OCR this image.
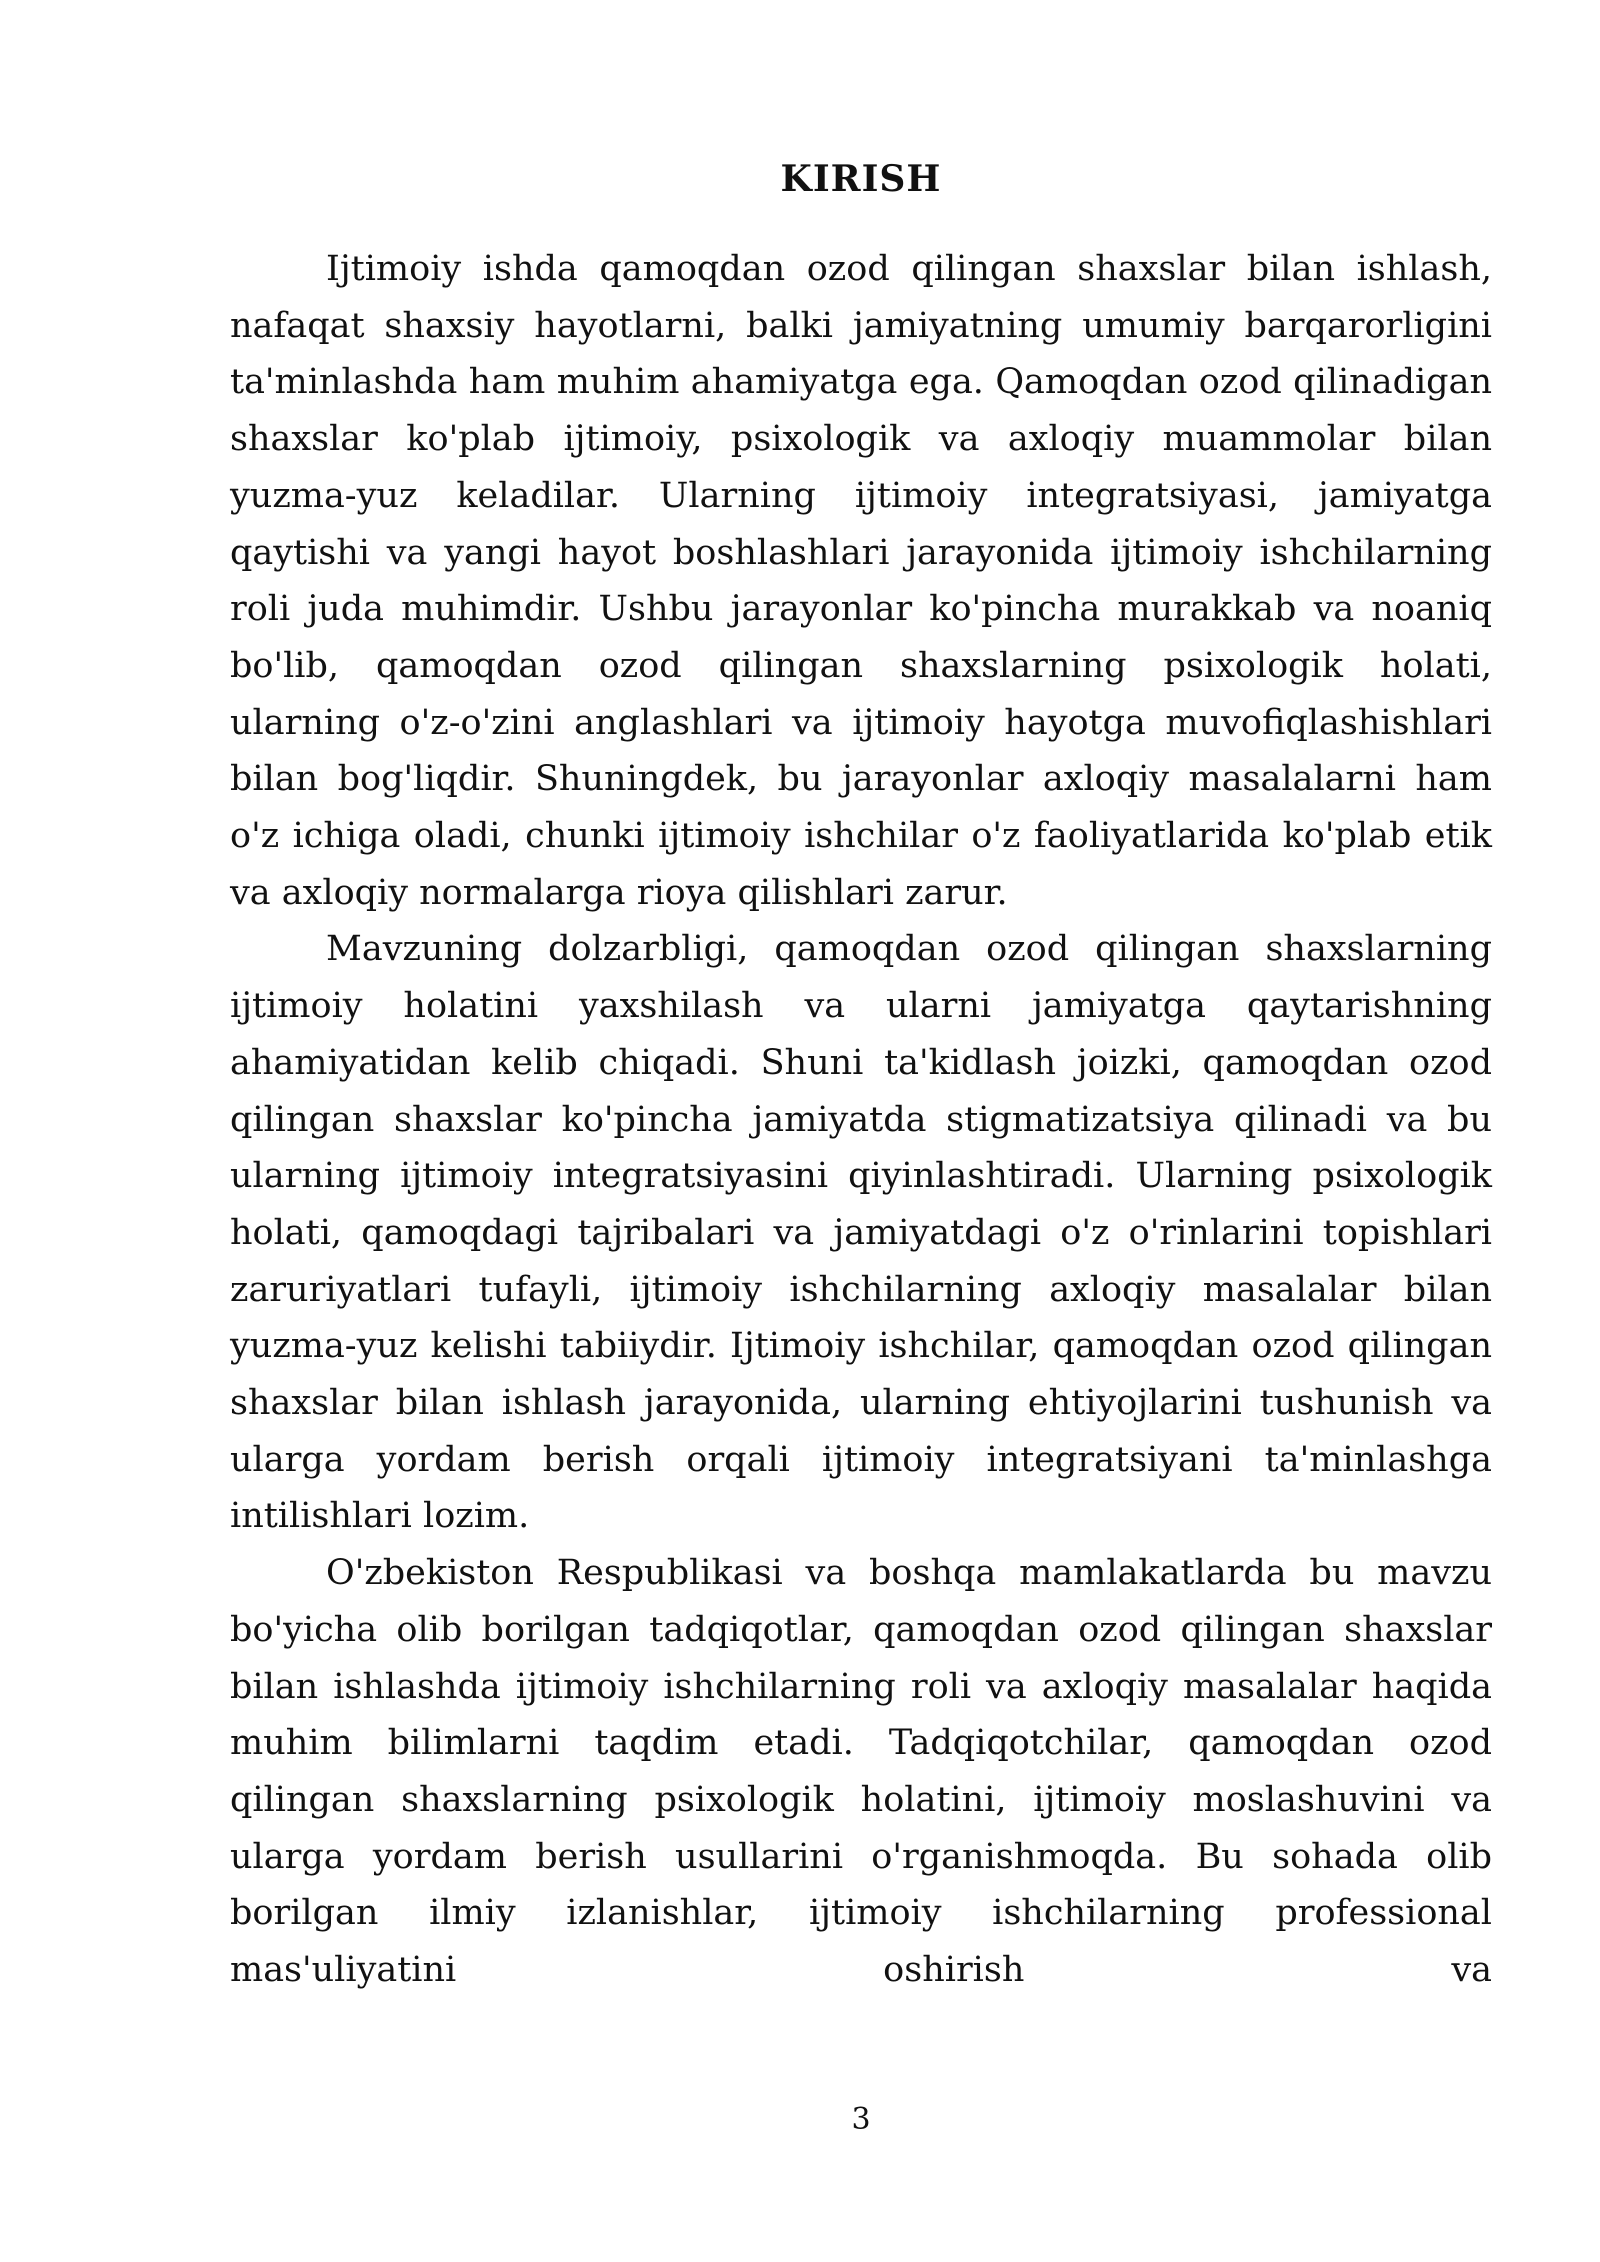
KIRISH

Ijtimoiy ishda qamoqdan ozod qilingan shaxslar bilan ishlash, nafaqat shaxsiy hayotlarni, balki jamiyatning umumiy barqarorligini ta'minlashda ham muhim ahamiyatga ega. Qamoqdan ozod qilinadigan shaxslar ko'plab ijtimoiy, psixologik va axloqiy muammolar bilan yuzma-yuz keladilar. Ularning ijtimoiy integratsiyasi, jamiyatga qaytishi va yangi hayot boshlashlari jarayonida ijtimoiy ishchilarning roli juda muhimdir. Ushbu jarayonlar ko'pincha murakkab va noaniq bo'lib, qamoqdan ozod qilingan shaxslarning psixologik holati, ularning o'z-o'zini anglashlari va ijtimoiy hayotga muvofiqlashishlari bilan bog'liqdir. Shuningdek, bu jarayonlar axloqiy masalalarni ham o'z ichiga oladi, chunki ijtimoiy ishchilar o'z faoliyatlarida ko'plab etik va axloqiy normalarga rioya qilishlari zarur.

Mavzuning dolzarbligi, qamoqdan ozod qilingan shaxslarning ijtimoiy holatini yaxshilash va ularni jamiyatga qaytarishning ahamiyatidan kelib chiqadi. Shuni ta'kidlash joizki, qamoqdan ozod qilingan shaxslar ko'pincha jamiyatda stigmatizatsiya qilinadi va bu ularning ijtimoiy integratsiyasini qiyinlashtiradi. Ularning psixologik holati, qamoqdagi tajribalari va jamiyatdagi o'z o'rinlarini topishlari zaruriyatlari tufayli, ijtimoiy ishchilarning axloqiy masalalar bilan yuzma-yuz kelishi tabiiydir. Ijtimoiy ishchilar, qamoqdan ozod qilingan shaxslar bilan ishlash jarayonida, ularning ehtiyojlarini tushunish va ularga yordam berish orqali ijtimoiy integratsiyani ta'minlashga intilishlari lozim.

O'zbekiston Respublikasi va boshqa mamlakatlarda bu mavzu bo'yicha olib borilgan tadqiqotlar, qamoqdan ozod qilingan shaxslar bilan ishlashda ijtimoiy ishchilarning roli va axloqiy masalalar haqida muhim bilimlarni taqdim etadi. Tadqiqotchilar, qamoqdan ozod qilingan shaxslarning psixologik holatini, ijtimoiy moslashuvini va ularga yordam berish usullarini o'rganishmoqda. Bu sohada olib borilgan ilmiy izlanishlar, ijtimoiy ishchilarning professional mas'uliyatini oshirish va

3
